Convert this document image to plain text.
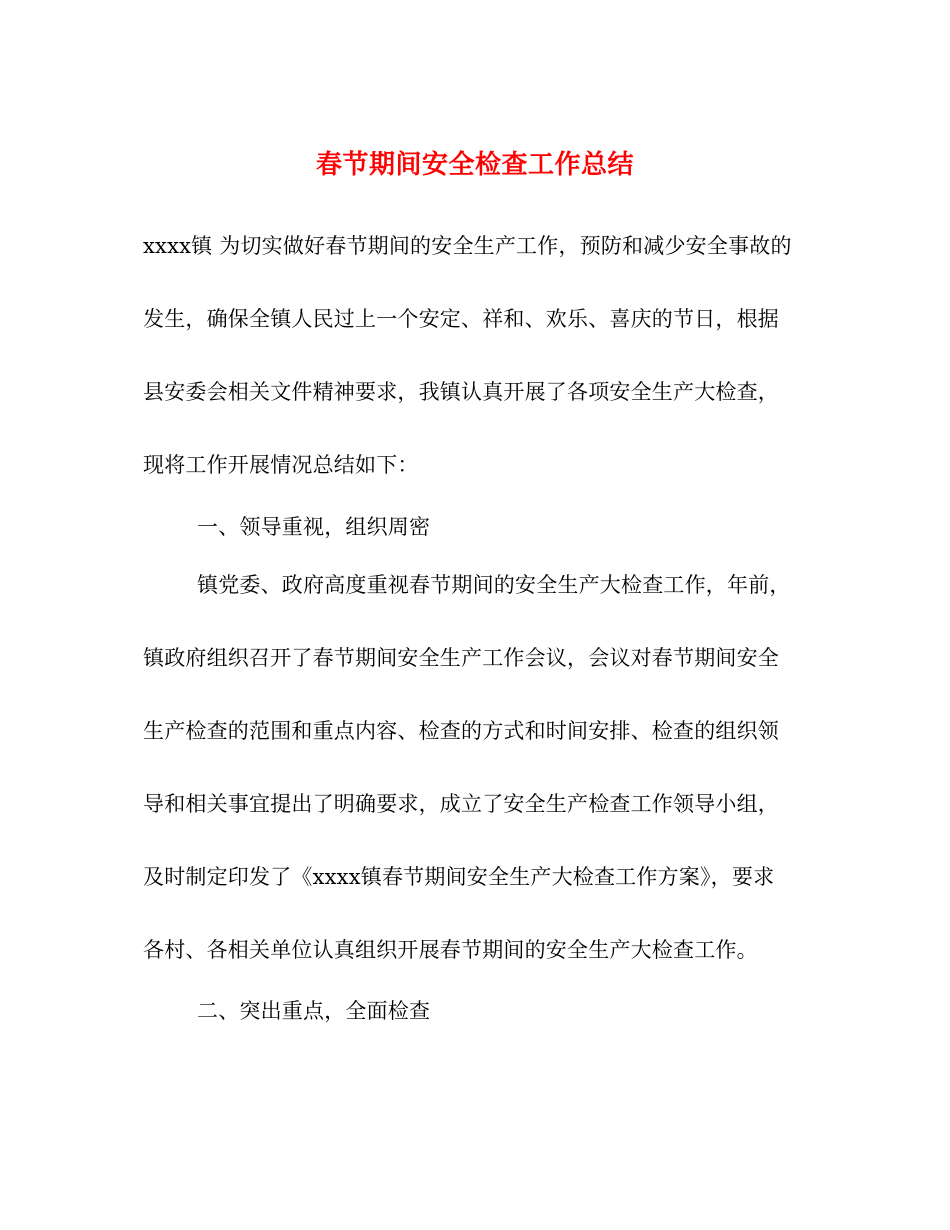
春节期间安全检查工作总结
xxxx镇 为切实做好春节期间的安全生产工作，预防和减少安全事故的
发生，确保全镇人民过上一个安定、祥和、欢乐、喜庆的节日，根据
县安委会相关文件精神要求，我镇认真开展了各项安全生产大检查，
现将工作开展情况总结如下：
一、领导重视，组织周密
镇党委、政府高度重视春节期间的安全生产大检查工作，年前，
镇政府组织召开了春节期间安全生产工作会议，会议对春节期间安全
生产检查的范围和重点内容、检查的方式和时间安排、检查的组织领
导和相关事宜提出了明确要求，成立了安全生产检查工作领导小组，
及时制定印发了《xxxx镇春节期间安全生产大检查工作方案》，要求
各村、各相关单位认真组织开展春节期间的安全生产大检查工作。
二、突出重点，全面检查
